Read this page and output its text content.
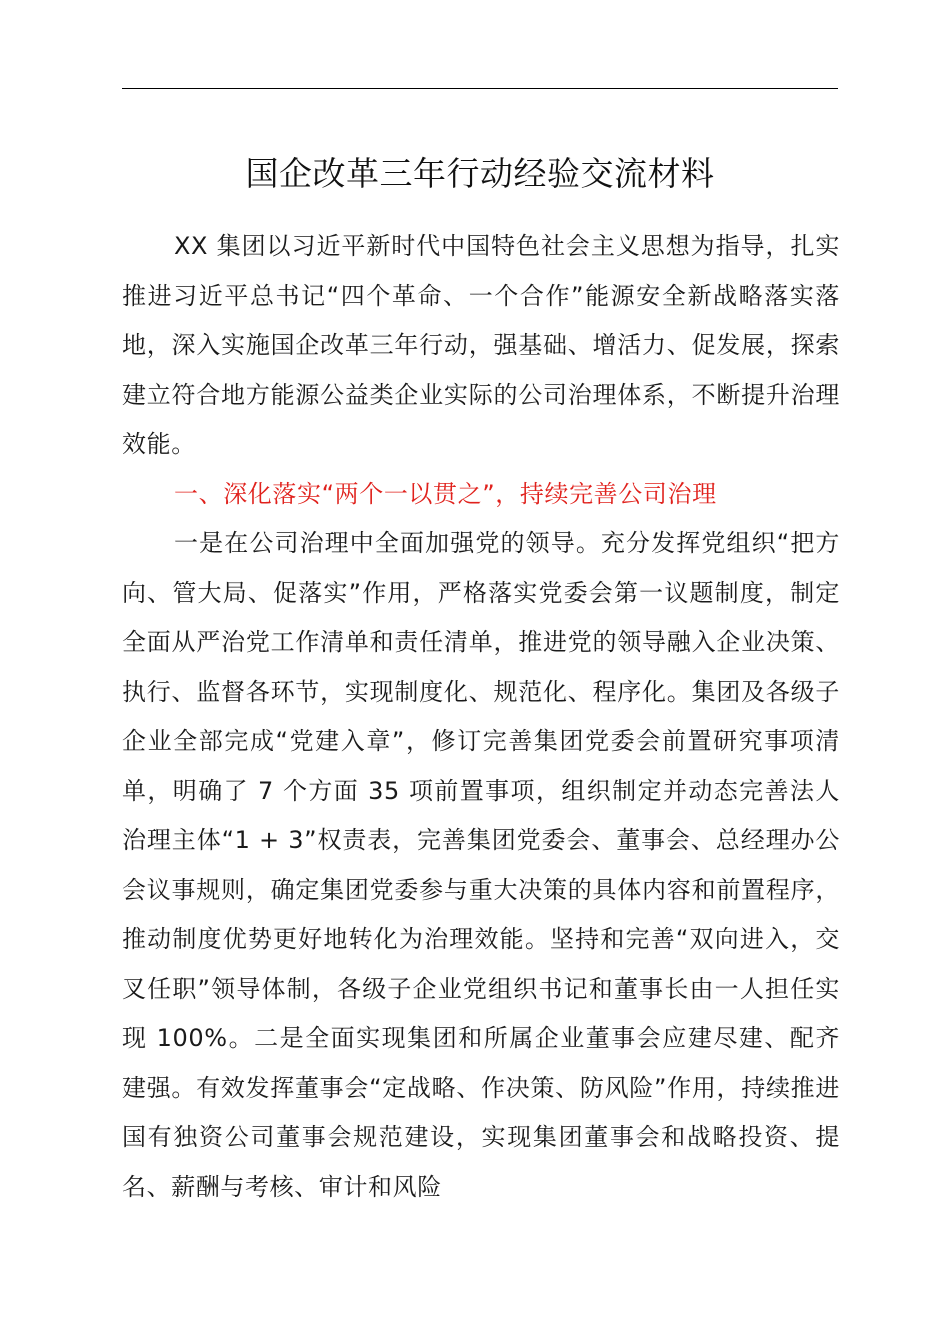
国企改革三年行动经验交流材料

XX 集团以习近平新时代中国特色社会主义思想为指导，扎实推进习近平总书记“四个革命、一个合作”能源安全新战略落实落地，深入实施国企改革三年行动，强基础、增活力、促发展，探索建立符合地方能源公益类企业实际的公司治理体系，不断提升治理效能。

一、深化落实“两个一以贯之”，持续完善公司治理

一是在公司治理中全面加强党的领导。充分发挥党组织“把方向、管大局、促落实”作用，严格落实党委会第一议题制度，制定全面从严治党工作清单和责任清单，推进党的领导融入企业决策、执行、监督各环节，实现制度化、规范化、程序化。集团及各级子企业全部完成“党建入章”，修订完善集团党委会前置研究事项清单，明确了 7 个方面 35 项前置事项，组织制定并动态完善法人治理主体“1 + 3”权责表，完善集团党委会、董事会、总经理办公会议事规则，确定集团党委参与重大决策的具体内容和前置程序，推动制度优势更好地转化为治理效能。坚持和完善“双向进入，交叉任职”领导体制，各级子企业党组织书记和董事长由一人担任实现 100%。二是全面实现集团和所属企业董事会应建尽建、配齐建强。有效发挥董事会“定战略、作决策、防风险”作用，持续推进国有独资公司董事会规范建设，实现集团董事会和战略投资、提名、薪酬与考核、审计和风险
